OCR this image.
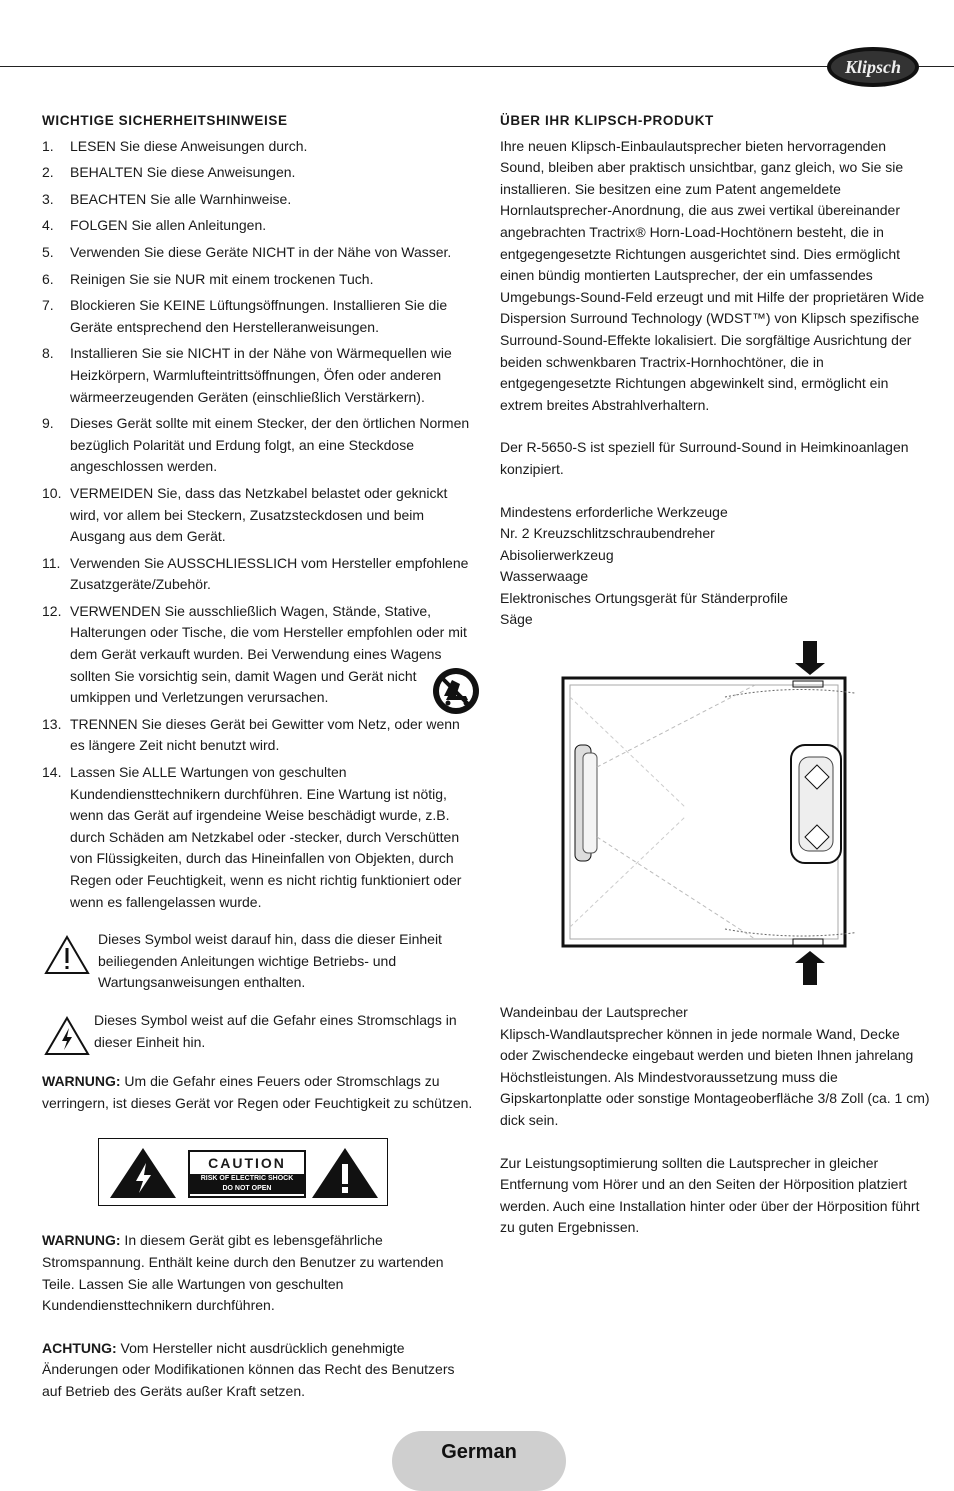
Klipsch
WICHTIGE SICHERHEITSHINWEISE
1. LESEN Sie diese Anweisungen durch.
2. BEHALTEN Sie diese Anweisungen.
3. BEACHTEN Sie alle Warnhinweise.
4. FOLGEN Sie allen Anleitungen.
5. Verwenden Sie diese Geräte NICHT in der Nähe von Wasser.
6. Reinigen Sie sie NUR mit einem trockenen Tuch.
7. Blockieren Sie KEINE Lüftungsöffnungen. Installieren Sie die Geräte entsprechend den Herstelleranweisungen.
8. Installieren Sie sie NICHT in der Nähe von Wärmequellen wie Heizkörpern, Warmlufteintrittsöffnungen, Öfen oder anderen wärmeerzeugenden Geräten (einschließlich Verstärkern).
9. Dieses Gerät sollte mit einem Stecker, der den örtlichen Normen bezüglich Polarität und Erdung folgt, an eine Steckdose angeschlossen werden.
10. VERMEIDEN Sie, dass das Netzkabel belastet oder geknickt wird, vor allem bei Steckern, Zusatzsteckdosen und beim Ausgang aus dem Gerät.
11. Verwenden Sie AUSSCHLIESSLICH vom Hersteller empfohlene Zusatzgeräte/Zubehör.
12. VERWENDEN Sie ausschließlich Wagen, Stände, Stative, Halterungen oder Tische, die vom Hersteller empfohlen oder mit dem Gerät verkauft wurden. Bei Verwendung eines Wagens sollten Sie vorsichtig sein, damit Wagen und Gerät nicht umkippen und Verletzungen verursachen.
13. TRENNEN Sie dieses Gerät bei Gewitter vom Netz, oder wenn es längere Zeit nicht benutzt wird.
14. Lassen Sie ALLE Wartungen von geschulten Kundendiensttechnikern durchführen. Eine Wartung ist nötig, wenn das Gerät auf irgendeine Weise beschädigt wurde, z.B. durch Schäden am Netzkabel oder -stecker, durch Verschütten von Flüssigkeiten, durch das Hineinfallen von Objekten, durch Regen oder Feuchtigkeit, wenn es nicht richtig funktioniert oder wenn es fallengelassen wurde.

Dieses Symbol weist darauf hin, dass die dieser Einheit beiliegenden Anleitungen wichtige Betriebs- und Wartungsanweisungen enthalten.

Dieses Symbol weist auf die Gefahr eines Stromschlags in dieser Einheit hin.

WARNUNG: Um die Gefahr eines Feuers oder Stromschlags zu verringern, ist dieses Gerät vor Regen oder Feuchtigkeit zu schützen.

CAUTION
RISK OF ELECTRIC SHOCK
DO NOT OPEN

WARNUNG: In diesem Gerät gibt es lebensgefährliche Stromspannung. Enthält keine durch den Benutzer zu wartenden Teile. Lassen Sie alle Wartungen von geschulten Kundendiensttechnikern durchführen.

ACHTUNG: Vom Hersteller nicht ausdrücklich genehmigte Änderungen oder Modifikationen können das Recht des Benutzers auf Betrieb des Geräts außer Kraft setzen.

ÜBER IHR KLIPSCH-PRODUKT

Ihre neuen Klipsch-Einbaulautsprecher bieten hervorragenden Sound, bleiben aber praktisch unsichtbar, ganz gleich, wo Sie sie installieren. Sie besitzen eine zum Patent angemeldete Hornlautsprecher-Anordnung, die aus zwei vertikal übereinander angebrachten Tractrix® Horn-Load-Hochtönern besteht, die in entgegengesetzte Richtungen ausgerichtet sind. Dies ermöglicht einen bündig montierten Lautsprecher, der ein umfassendes Umgebungs-Sound-Feld erzeugt und mit Hilfe der proprietären Wide Dispersion Surround Technology (WDST™) von Klipsch spezifische Surround-Sound-Effekte lokalisiert. Die sorgfältige Ausrichtung der beiden schwenkbaren Tractrix-Hornhochtöner, die in entgegengesetzte Richtungen abgewinkelt sind, ermöglicht ein extrem breites Abstrahlverhaltern.

Der R-5650-S ist speziell für Surround-Sound in Heimkinoanlagen konzipiert.

Mindestens erforderliche Werkzeuge

Nr. 2 Kreuzschlitzschraubendreher
Abisolierwerkzeug
Wasserwaage
Elektronisches Ortungsgerät für Ständerprofile
Säge

Wandeinbau der Lautsprecher

Klipsch-Wandlautsprecher können in jede normale Wand, Decke oder Zwischendecke eingebaut werden und bieten Ihnen jahrelang Höchstleistungen. Als Mindestvoraussetzung muss die Gipskartonplatte oder sonstige Montageoberfläche 3/8 Zoll (ca. 1 cm) dick sein.

Zur Leistungsoptimierung sollten die Lautsprecher in gleicher Entfernung vom Hörer und an den Seiten der Hörposition platziert werden. Auch eine Installation hinter oder über der Hörposition führt zu guten Ergebnissen.

German
